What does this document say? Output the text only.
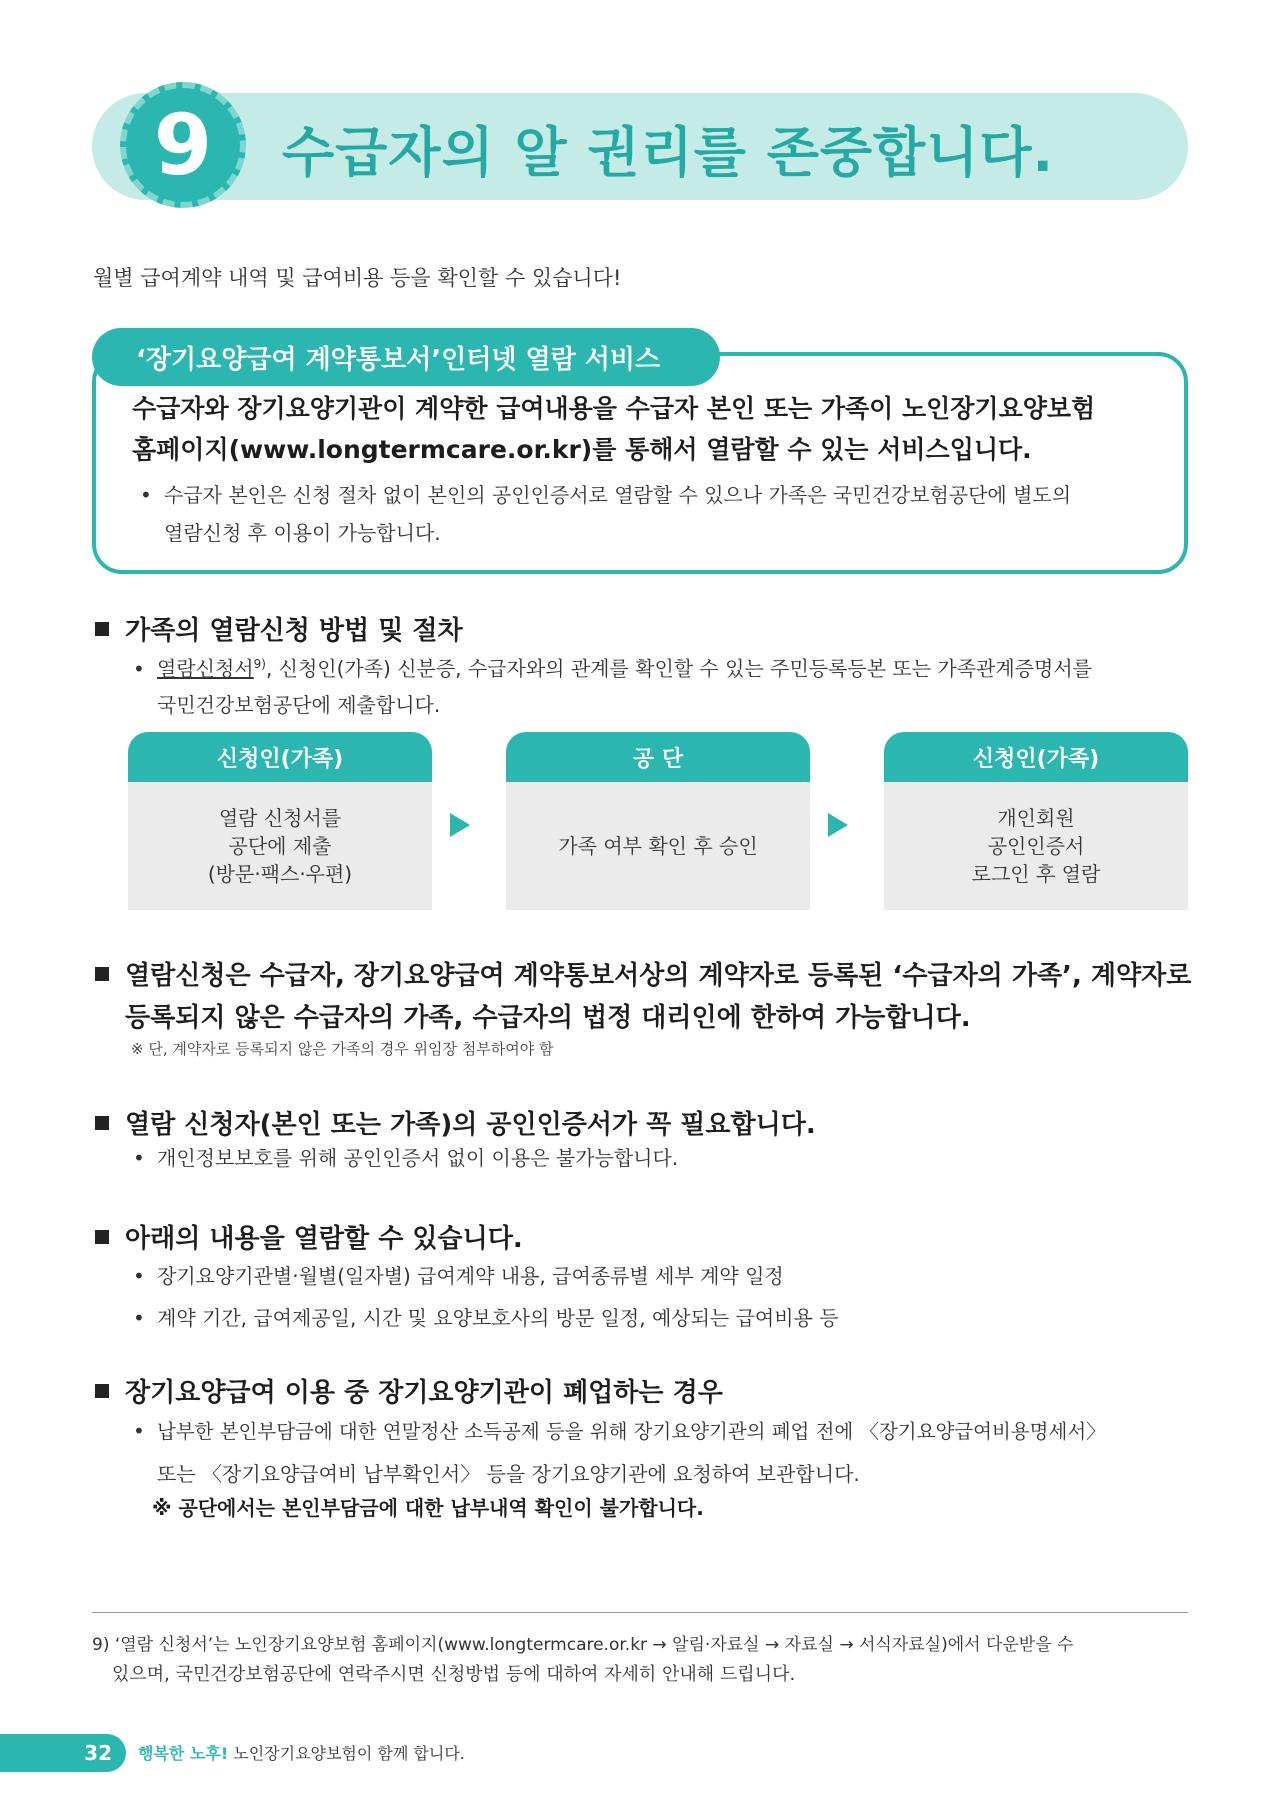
9	수급자의 알 권리를 존중합니다.
월별 급여계약 내역 및 급여비용 등을 확인할 수 있습니다!
‘장기요양급여 계약통보서’인터넷 열람 서비스
수급자와 장기요양기관이 계약한 급여내용을 수급자 본인 또는 가족이 노인장기요양보험
홈페이지(www.longtermcare.or.kr)를 통해서 열람할 수 있는 서비스입니다.
• 수급자 본인은 신청 절차 없이 본인의 공인인증서로 열람할 수 있으나 가족은 국민건강보험공단에 별도의
열람신청 후 이용이 가능합니다.
가족의 열람신청 방법 및 절차
• 열람신청서$^{9)}$, 신청인(가족) 신분증, 수급자와의 관계를 확인할 수 있는 주민등록등본 또는 가족관계증명서를
국민건강보험공단에 제출합니다.
신청인(가족)
열람 신청서를
공단에 제출
(방문·팩스·우편)
공 단
가족 여부 확인 후 승인
신청인(가족)
개인회원
공인인증서
로그인 후 열람
열람신청은 수급자, 장기요양급여 계약통보서상의 계약자로 등록된 ‘수급자의 가족’, 계약자로
등록되지 않은 수급자의 가족, 수급자의 법정 대리인에 한하여 가능합니다.
※ 단, 계약자로 등록되지 않은 가족의 경우 위임장 첨부하여야 함
열람 신청자(본인 또는 가족)의 공인인증서가 꼭 필요합니다.
• 개인정보보호를 위해 공인인증서 없이 이용은 불가능합니다.
아래의 내용을 열람할 수 있습니다.
• 장기요양기관별·월별(일자별) 급여계약 내용, 급여종류별 세부 계약 일정
• 계약 기간, 급여제공일, 시간 및 요양보호사의 방문 일정, 예상되는 급여비용 등
장기요양급여 이용 중 장기요양기관이 폐업하는 경우
• 납부한 본인부담금에 대한 연말정산 소득공제 등을 위해 장기요양기관의 폐업 전에 〈장기요양급여비용명세서〉
또는 〈장기요양급여비 납부확인서〉 등을 장기요양기관에 요청하여 보관합니다.
※ 공단에서는 본인부담금에 대한 납부내역 확인이 불가합니다.
9) ‘열람 신청서’는 노인장기요양보험 홈페이지(www.longtermcare.or.kr → 알림·자료실 → 자료실 → 서식자료실)에서 다운받을 수
있으며, 국민건강보험공단에 연락주시면 신청방법 등에 대하여 자세히 안내해 드립니다.
32 행복한 노후! 노인장기요양보험이 함께 합니다.
